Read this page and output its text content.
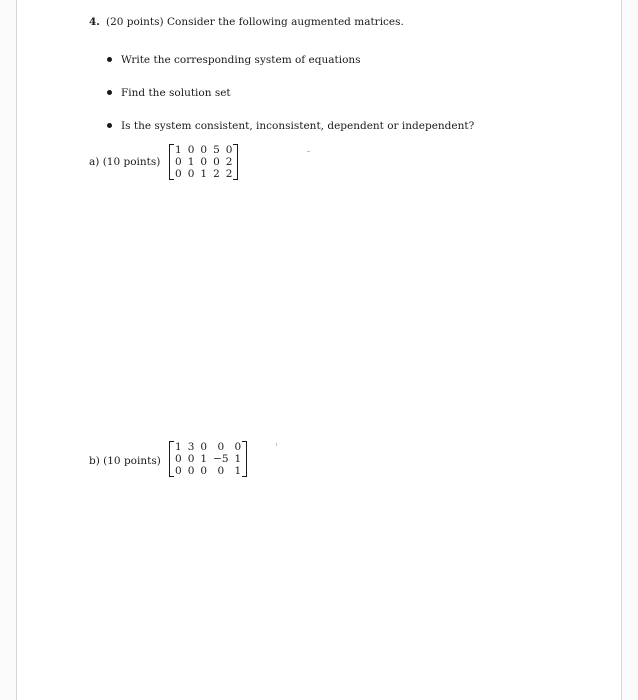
4. (20 points) Consider the following augmented matrices.
Write the corresponding system of equations
Find the solution set
Is the system consistent, inconsistent, dependent or independent?
a) (10 points)
1	0	0	5	0
0	1	0	0	2
0	0	1	2	2
b) (10 points)
1	3	0	0	0
0	0	1	−5	1
0	0	0	0	1
